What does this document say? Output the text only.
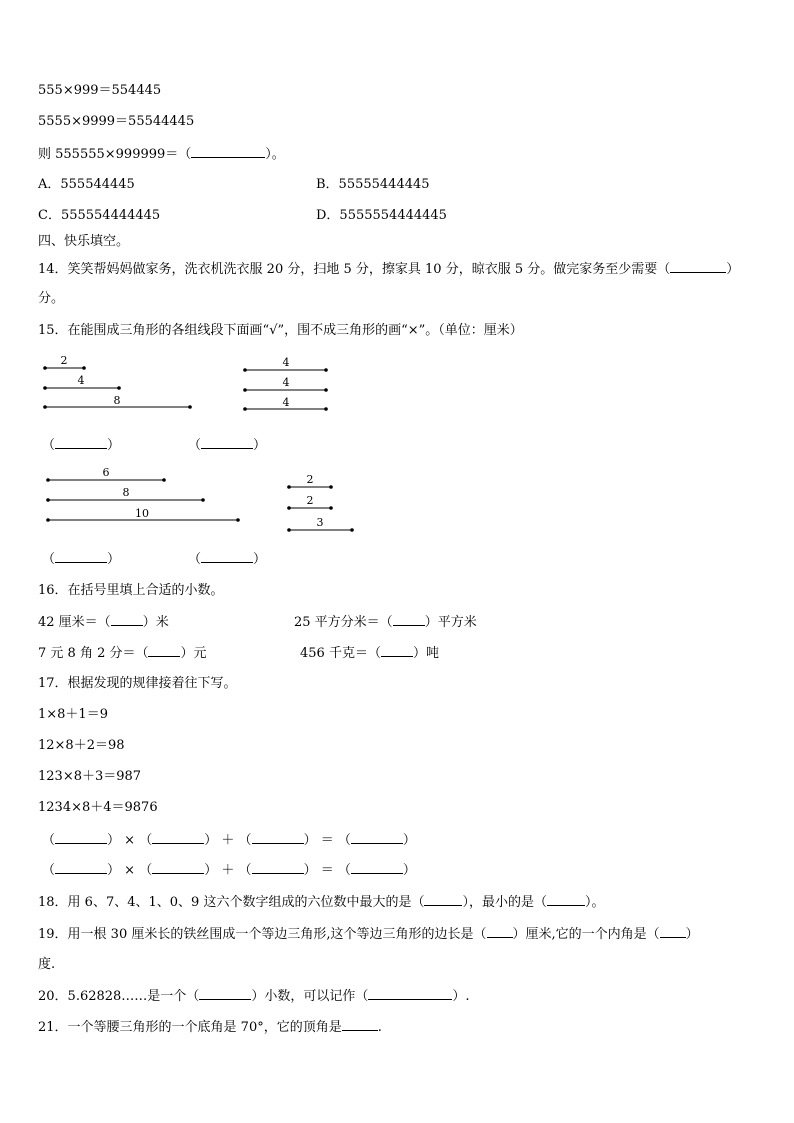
555×999＝554445
5555×9999＝55544445
则 555555×999999＝（	）。
A．555544445	B．55555444445
C．555554444445	D．5555554444445
四、快乐填空。
14．笑笑帮妈妈做家务，洗衣机洗衣服 20 分，扫地 5 分，擦家具 10 分，晾衣服 5 分。做完家务至少需要（	）
分。
15．在能围成三角形的各组线段下面画“√”，围不成三角形的画“×”。（单位：厘米）
2
4
8
4
4
4
6
8
10
2
2
3
（	）	（	）
（	）	（	）
16．在括号里填上合适的小数。
42 厘米＝（ ）米	25 平方分米＝（ ）平方米
7 元 8 角 2 分＝（ ）元	456 千克＝（ ）吨
17．根据发现的规律接着往下写。
1×8＋1＝9
12×8＋2＝98
123×8＋3＝987
1234×8＋4＝9876
（	） × （	） ＋ （	） ＝ （	）
（	） × （	） ＋ （	） ＝ （	）
18．用 6、7、4、1、0、9 这六个数字组成的六位数中最大的是（	），最小的是（	）。
19．用一根 30 厘米长的铁丝围成一个等边三角形,这个等边三角形的边长是（ ）厘米,它的一个内角是（ ）
度.
20．5.62828……是一个（	）小数，可以记作（	）.
21．一个等腰三角形的一个底角是 70°，它的顶角是	.
